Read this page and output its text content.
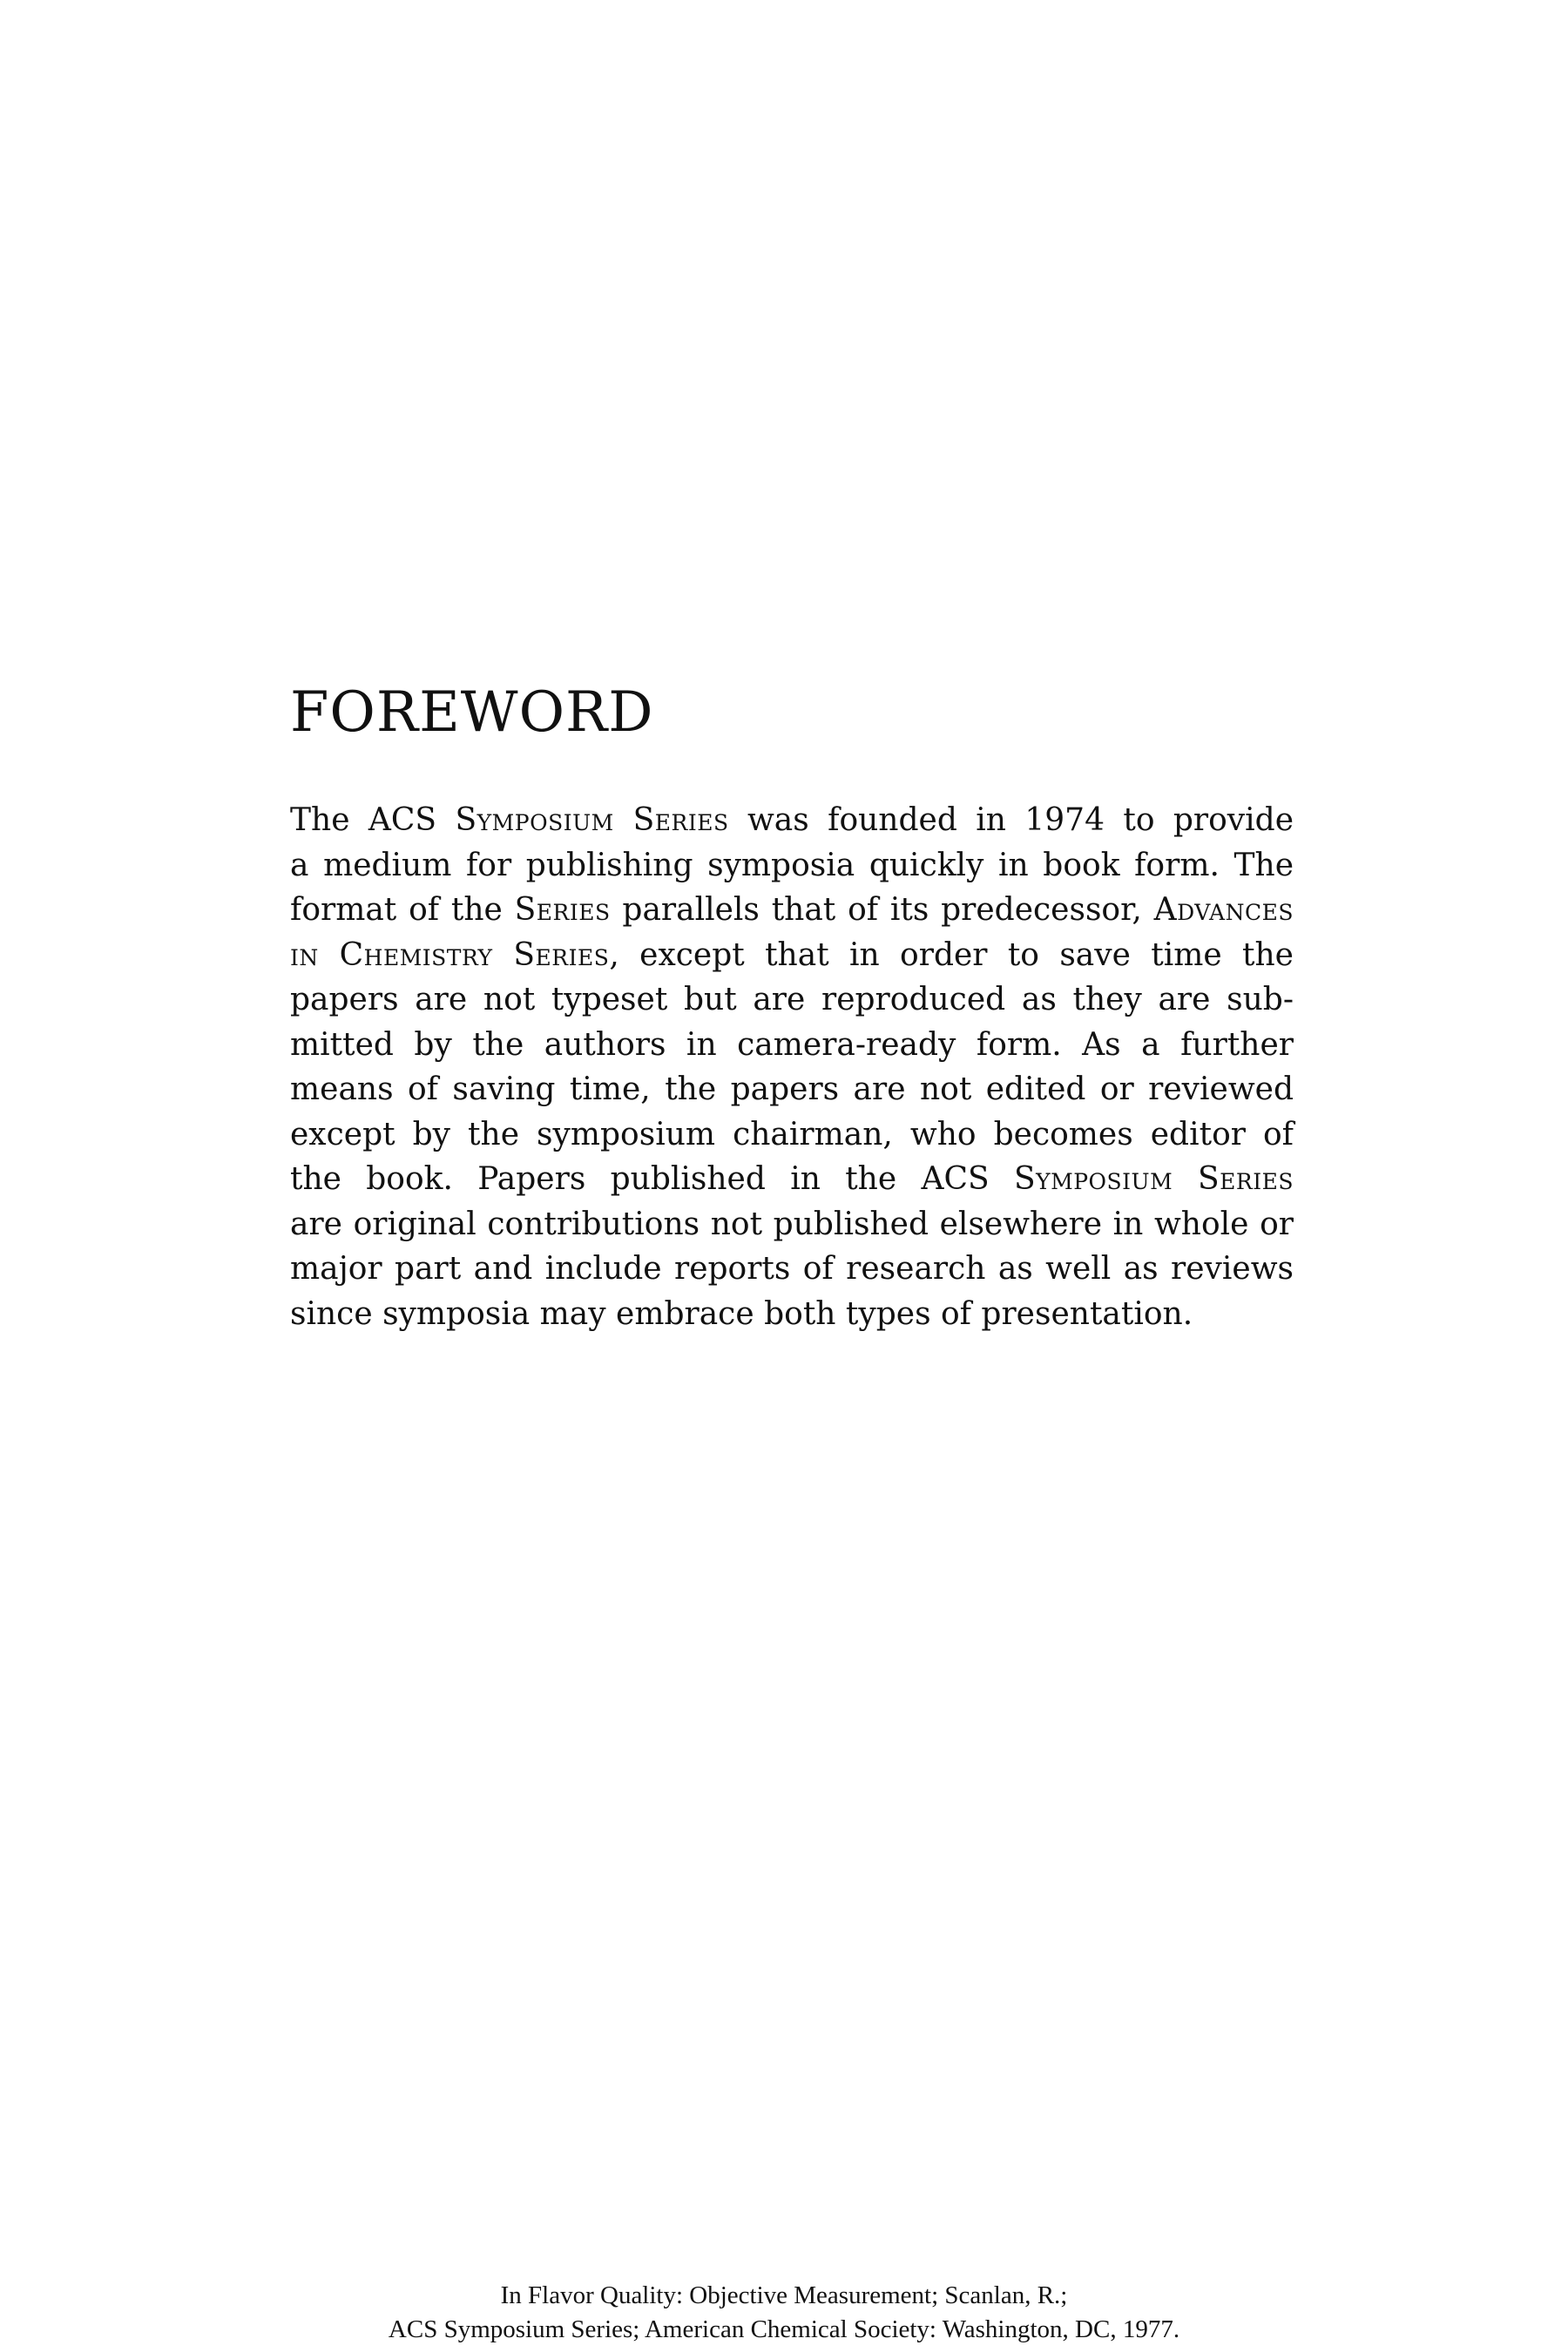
FOREWORD
The ACS Symposium Series was founded in 1974 to provide
a medium for publishing symposia quickly in book form. The
format of the Series parallels that of its predecessor, Advances
in Chemistry Series, except that in order to save time the
papers are not typeset but are reproduced as they are sub-
mitted by the authors in camera-ready form. As a further
means of saving time, the papers are not edited or reviewed
except by the symposium chairman, who becomes editor of
the book. Papers published in the ACS Symposium Series
are original contributions not published elsewhere in whole or
major part and include reports of research as well as reviews
since symposia may embrace both types of presentation.
In Flavor Quality: Objective Measurement; Scanlan, R.;
ACS Symposium Series; American Chemical Society: Washington, DC, 1977.
